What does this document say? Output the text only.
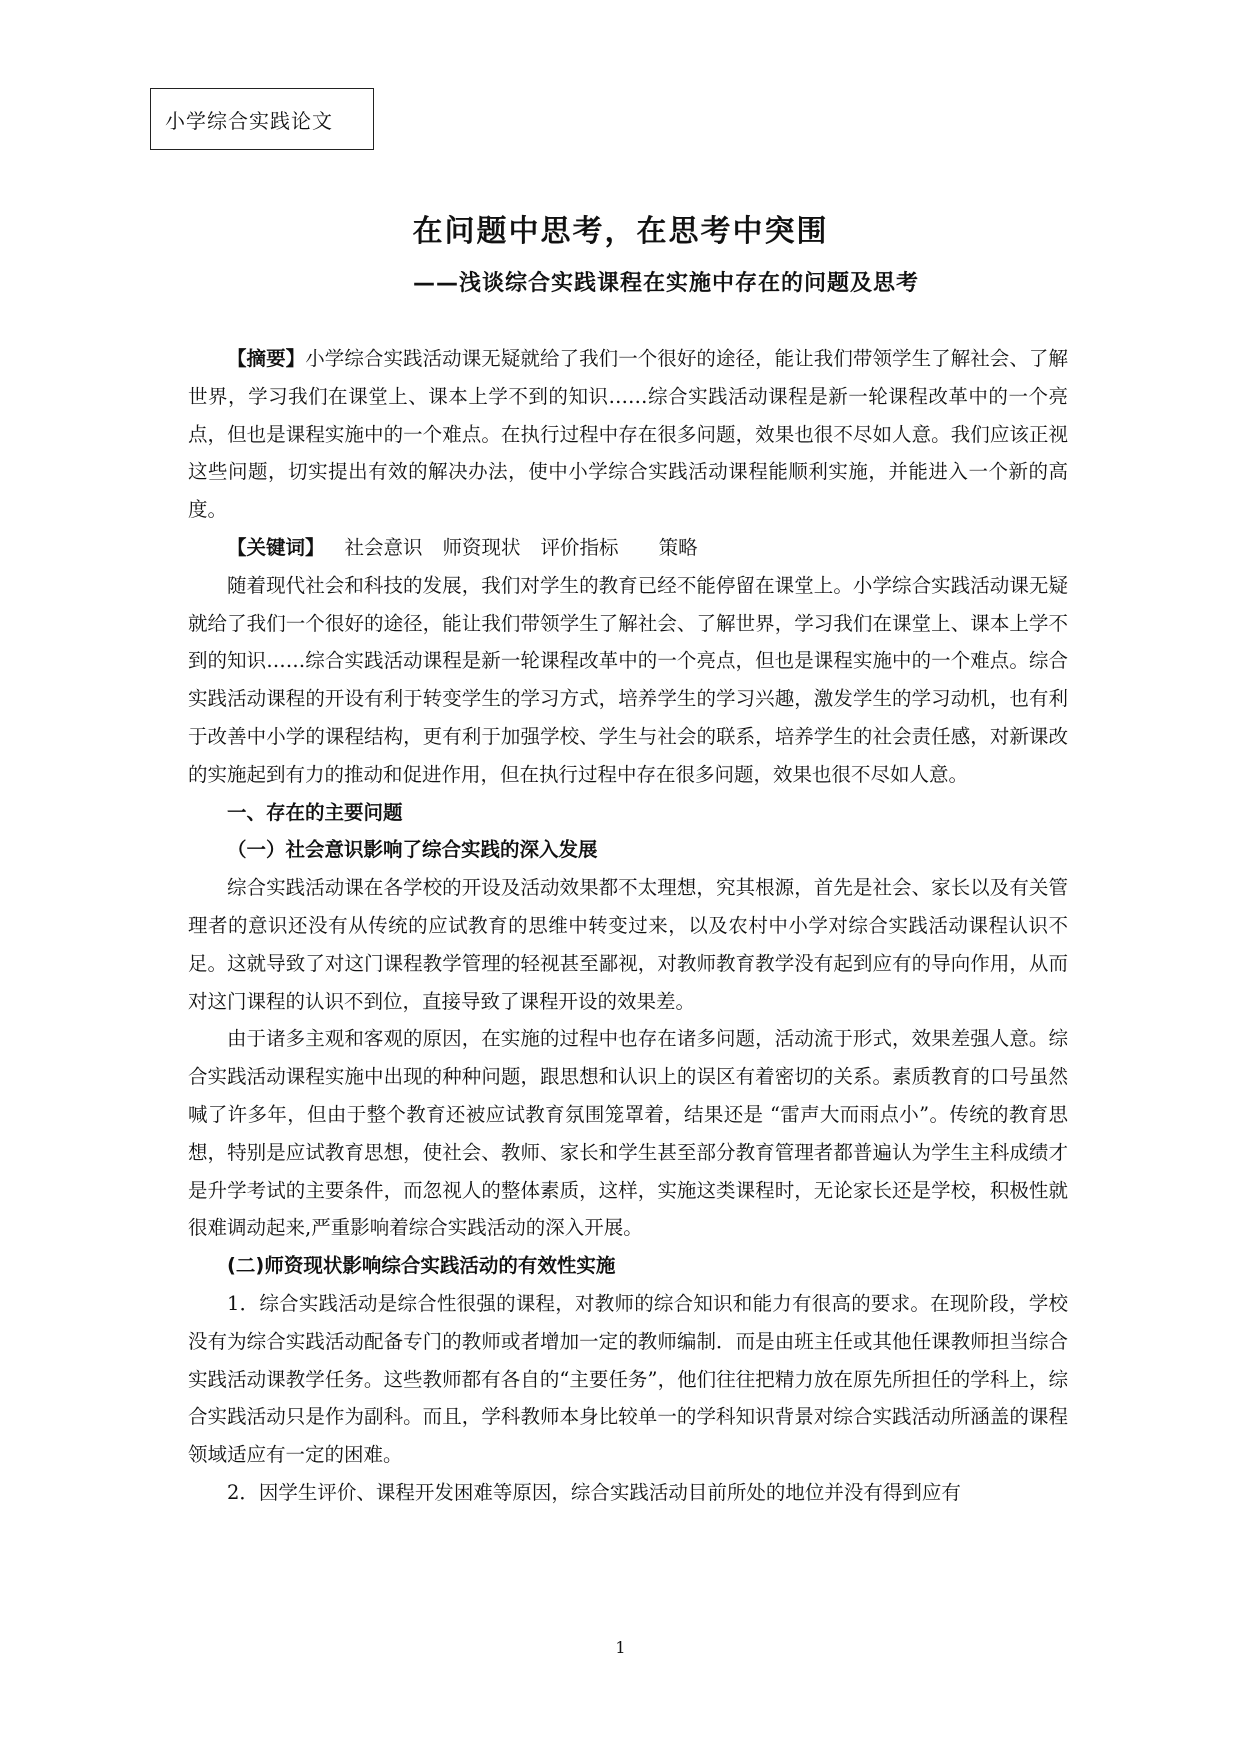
小学综合实践论文
在问题中思考，在思考中突围
——浅谈综合实践课程在实施中存在的问题及思考

【摘要】小学综合实践活动课无疑就给了我们一个很好的途径，能让我们带领学生了解社会、了解世界，学习我们在课堂上、课本上学不到的知识……综合实践活动课程是新一轮课程改革中的一个亮点，但也是课程实施中的一个难点。在执行过程中存在很多问题，效果也很不尽如人意。我们应该正视这些问题，切实提出有效的解决办法，使中小学综合实践活动课程能顺利实施，并能进入一个新的高度。

【关键词】 社会意识 师资现状 评价指标 策略

随着现代社会和科技的发展，我们对学生的教育已经不能停留在课堂上。小学综合实践活动课无疑就给了我们一个很好的途径，能让我们带领学生了解社会、了解世界，学习我们在课堂上、课本上学不到的知识……综合实践活动课程是新一轮课程改革中的一个亮点，但也是课程实施中的一个难点。综合实践活动课程的开设有利于转变学生的学习方式，培养学生的学习兴趣，激发学生的学习动机，也有利于改善中小学的课程结构，更有利于加强学校、学生与社会的联系，培养学生的社会责任感，对新课改的实施起到有力的推动和促进作用，但在执行过程中存在很多问题，效果也很不尽如人意。

一、存在的主要问题

（一）社会意识影响了综合实践的深入发展

综合实践活动课在各学校的开设及活动效果都不太理想，究其根源，首先是社会、家长以及有关管理者的意识还没有从传统的应试教育的思维中转变过来，以及农村中小学对综合实践活动课程认识不足。这就导致了对这门课程教学管理的轻视甚至鄙视，对教师教育教学没有起到应有的导向作用，从而对这门课程的认识不到位，直接导致了课程开设的效果差。

由于诸多主观和客观的原因，在实施的过程中也存在诸多问题，活动流于形式，效果差强人意。综合实践活动课程实施中出现的种种问题，跟思想和认识上的误区有着密切的关系。素质教育的口号虽然喊了许多年，但由于整个教育还被应试教育氛围笼罩着，结果还是 “雷声大而雨点小”。传统的教育思想，特别是应试教育思想，使社会、教师、家长和学生甚至部分教育管理者都普遍认为学生主科成绩才是升学考试的主要条件，而忽视人的整体素质，这样，实施这类课程时，无论家长还是学校，积极性就很难调动起来,严重影响着综合实践活动的深入开展。

(二)师资现状影响综合实践活动的有效性实施

1．综合实践活动是综合性很强的课程，对教师的综合知识和能力有很高的要求。在现阶段，学校没有为综合实践活动配备专门的教师或者增加一定的教师编制．而是由班主任或其他任课教师担当综合实践活动课教学任务。这些教师都有各自的“主要任务”，他们往往把精力放在原先所担任的学科上，综合实践活动只是作为副科。而且，学科教师本身比较单一的学科知识背景对综合实践活动所涵盖的课程领域适应有一定的困难。

2．因学生评价、课程开发困难等原因，综合实践活动目前所处的地位并没有得到应有

1
